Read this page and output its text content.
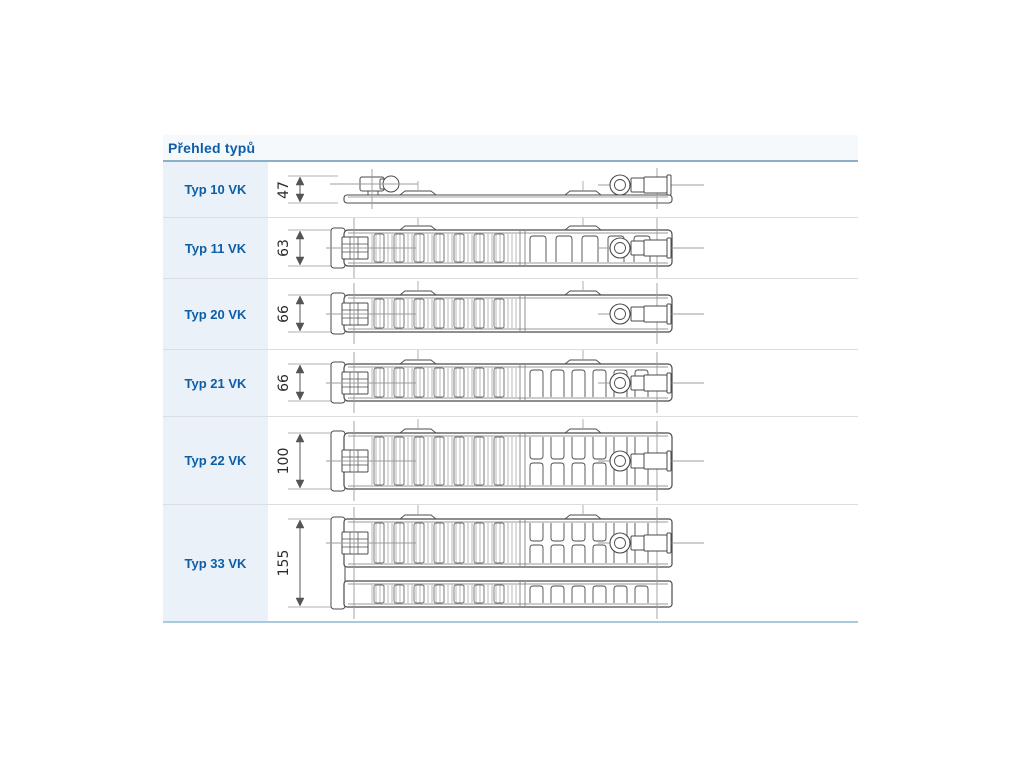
Přehled typů
Typ 10 VK	47
Typ 11 VK	63
Typ 20 VK	66
Typ 21 VK	66
Typ 22 VK	100
Typ 33 VK	155
